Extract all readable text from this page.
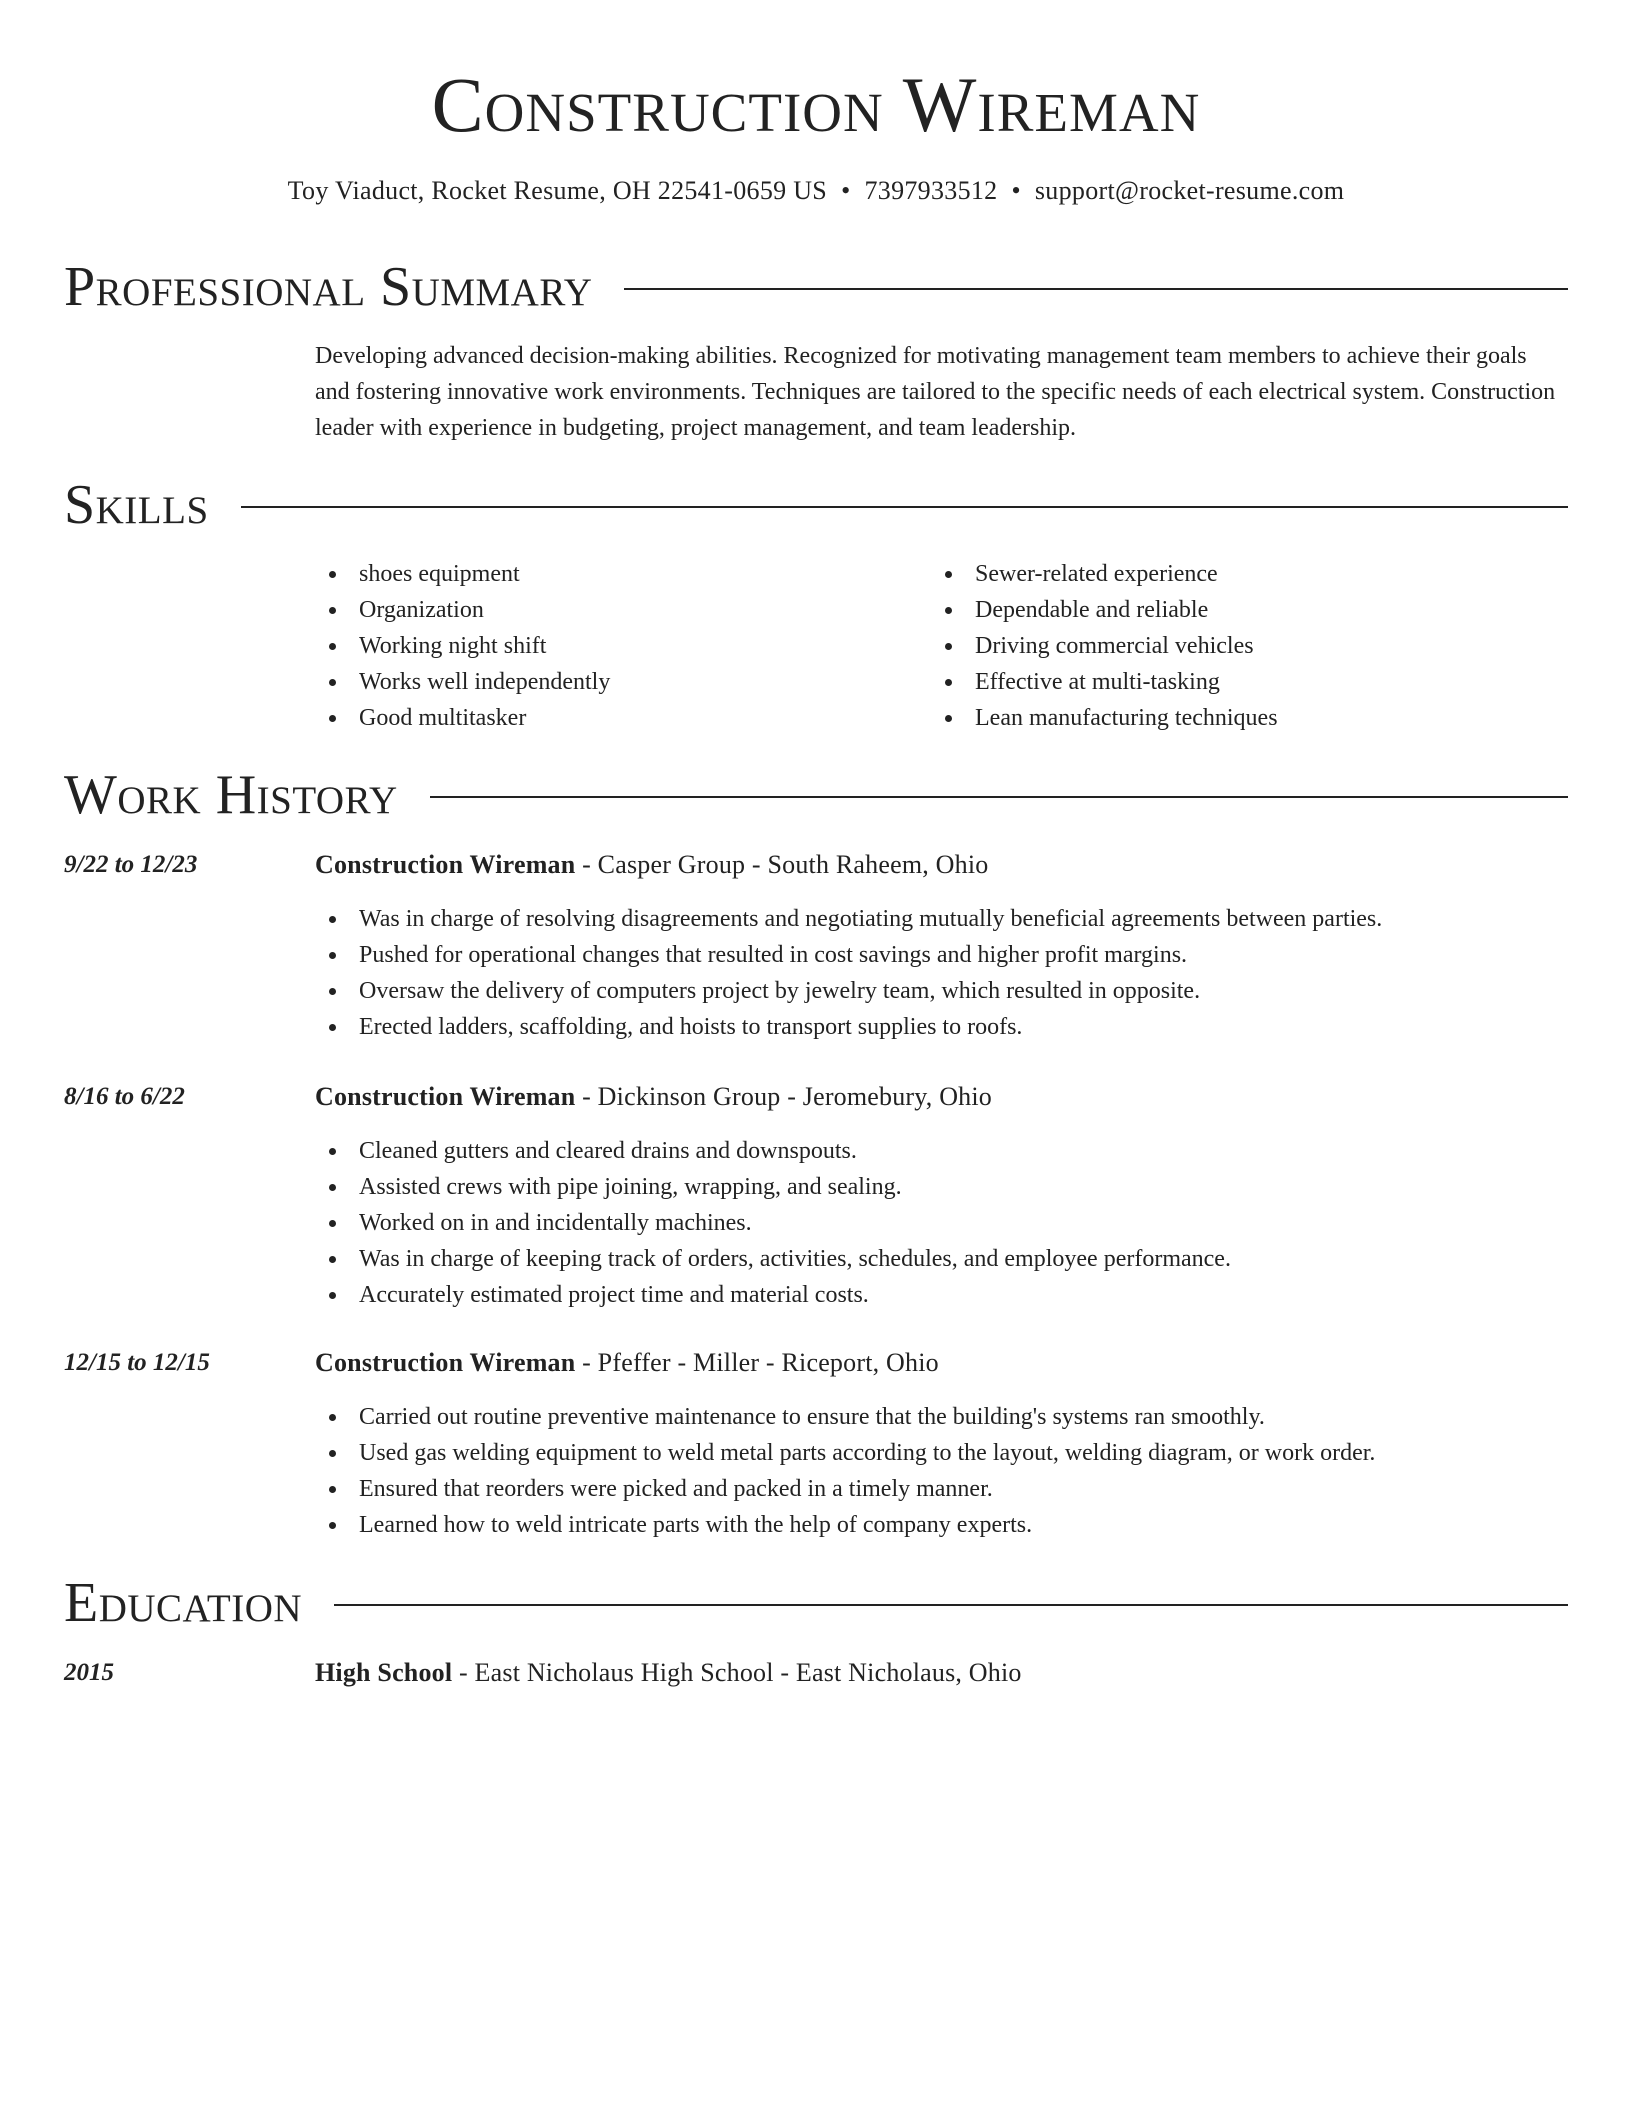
Construction Wireman
Toy Viaduct, Rocket Resume, OH 22541-0659 US • 7397933512 • support@rocket-resume.com
Professional Summary

Developing advanced decision-making abilities. Recognized for motivating management team members to achieve their goals and fostering innovative work environments. Techniques are tailored to the specific needs of each electrical system. Construction leader with experience in budgeting, project management, and team leadership.

Skills
shoes equipment
Organization
Working night shift
Works well independently
Good multitasker
Sewer-related experience
Dependable and reliable
Driving commercial vehicles
Effective at multi-tasking
Lean manufacturing techniques
Work History
9/22 to 12/23	Construction Wireman - Casper Group - South Raheem, Ohio
Was in charge of resolving disagreements and negotiating mutually beneficial agreements between parties.
Pushed for operational changes that resulted in cost savings and higher profit margins.
Oversaw the delivery of computers project by jewelry team, which resulted in opposite.
Erected ladders, scaffolding, and hoists to transport supplies to roofs.
8/16 to 6/22	Construction Wireman - Dickinson Group - Jeromebury, Ohio
Cleaned gutters and cleared drains and downspouts.
Assisted crews with pipe joining, wrapping, and sealing.
Worked on in and incidentally machines.
Was in charge of keeping track of orders, activities, schedules, and employee performance.
Accurately estimated project time and material costs.
12/15 to 12/15	Construction Wireman - Pfeffer - Miller - Riceport, Ohio
Carried out routine preventive maintenance to ensure that the building's systems ran smoothly.
Used gas welding equipment to weld metal parts according to the layout, welding diagram, or work order.
Ensured that reorders were picked and packed in a timely manner.
Learned how to weld intricate parts with the help of company experts.
Education
2015	High School - East Nicholaus High School - East Nicholaus, Ohio
